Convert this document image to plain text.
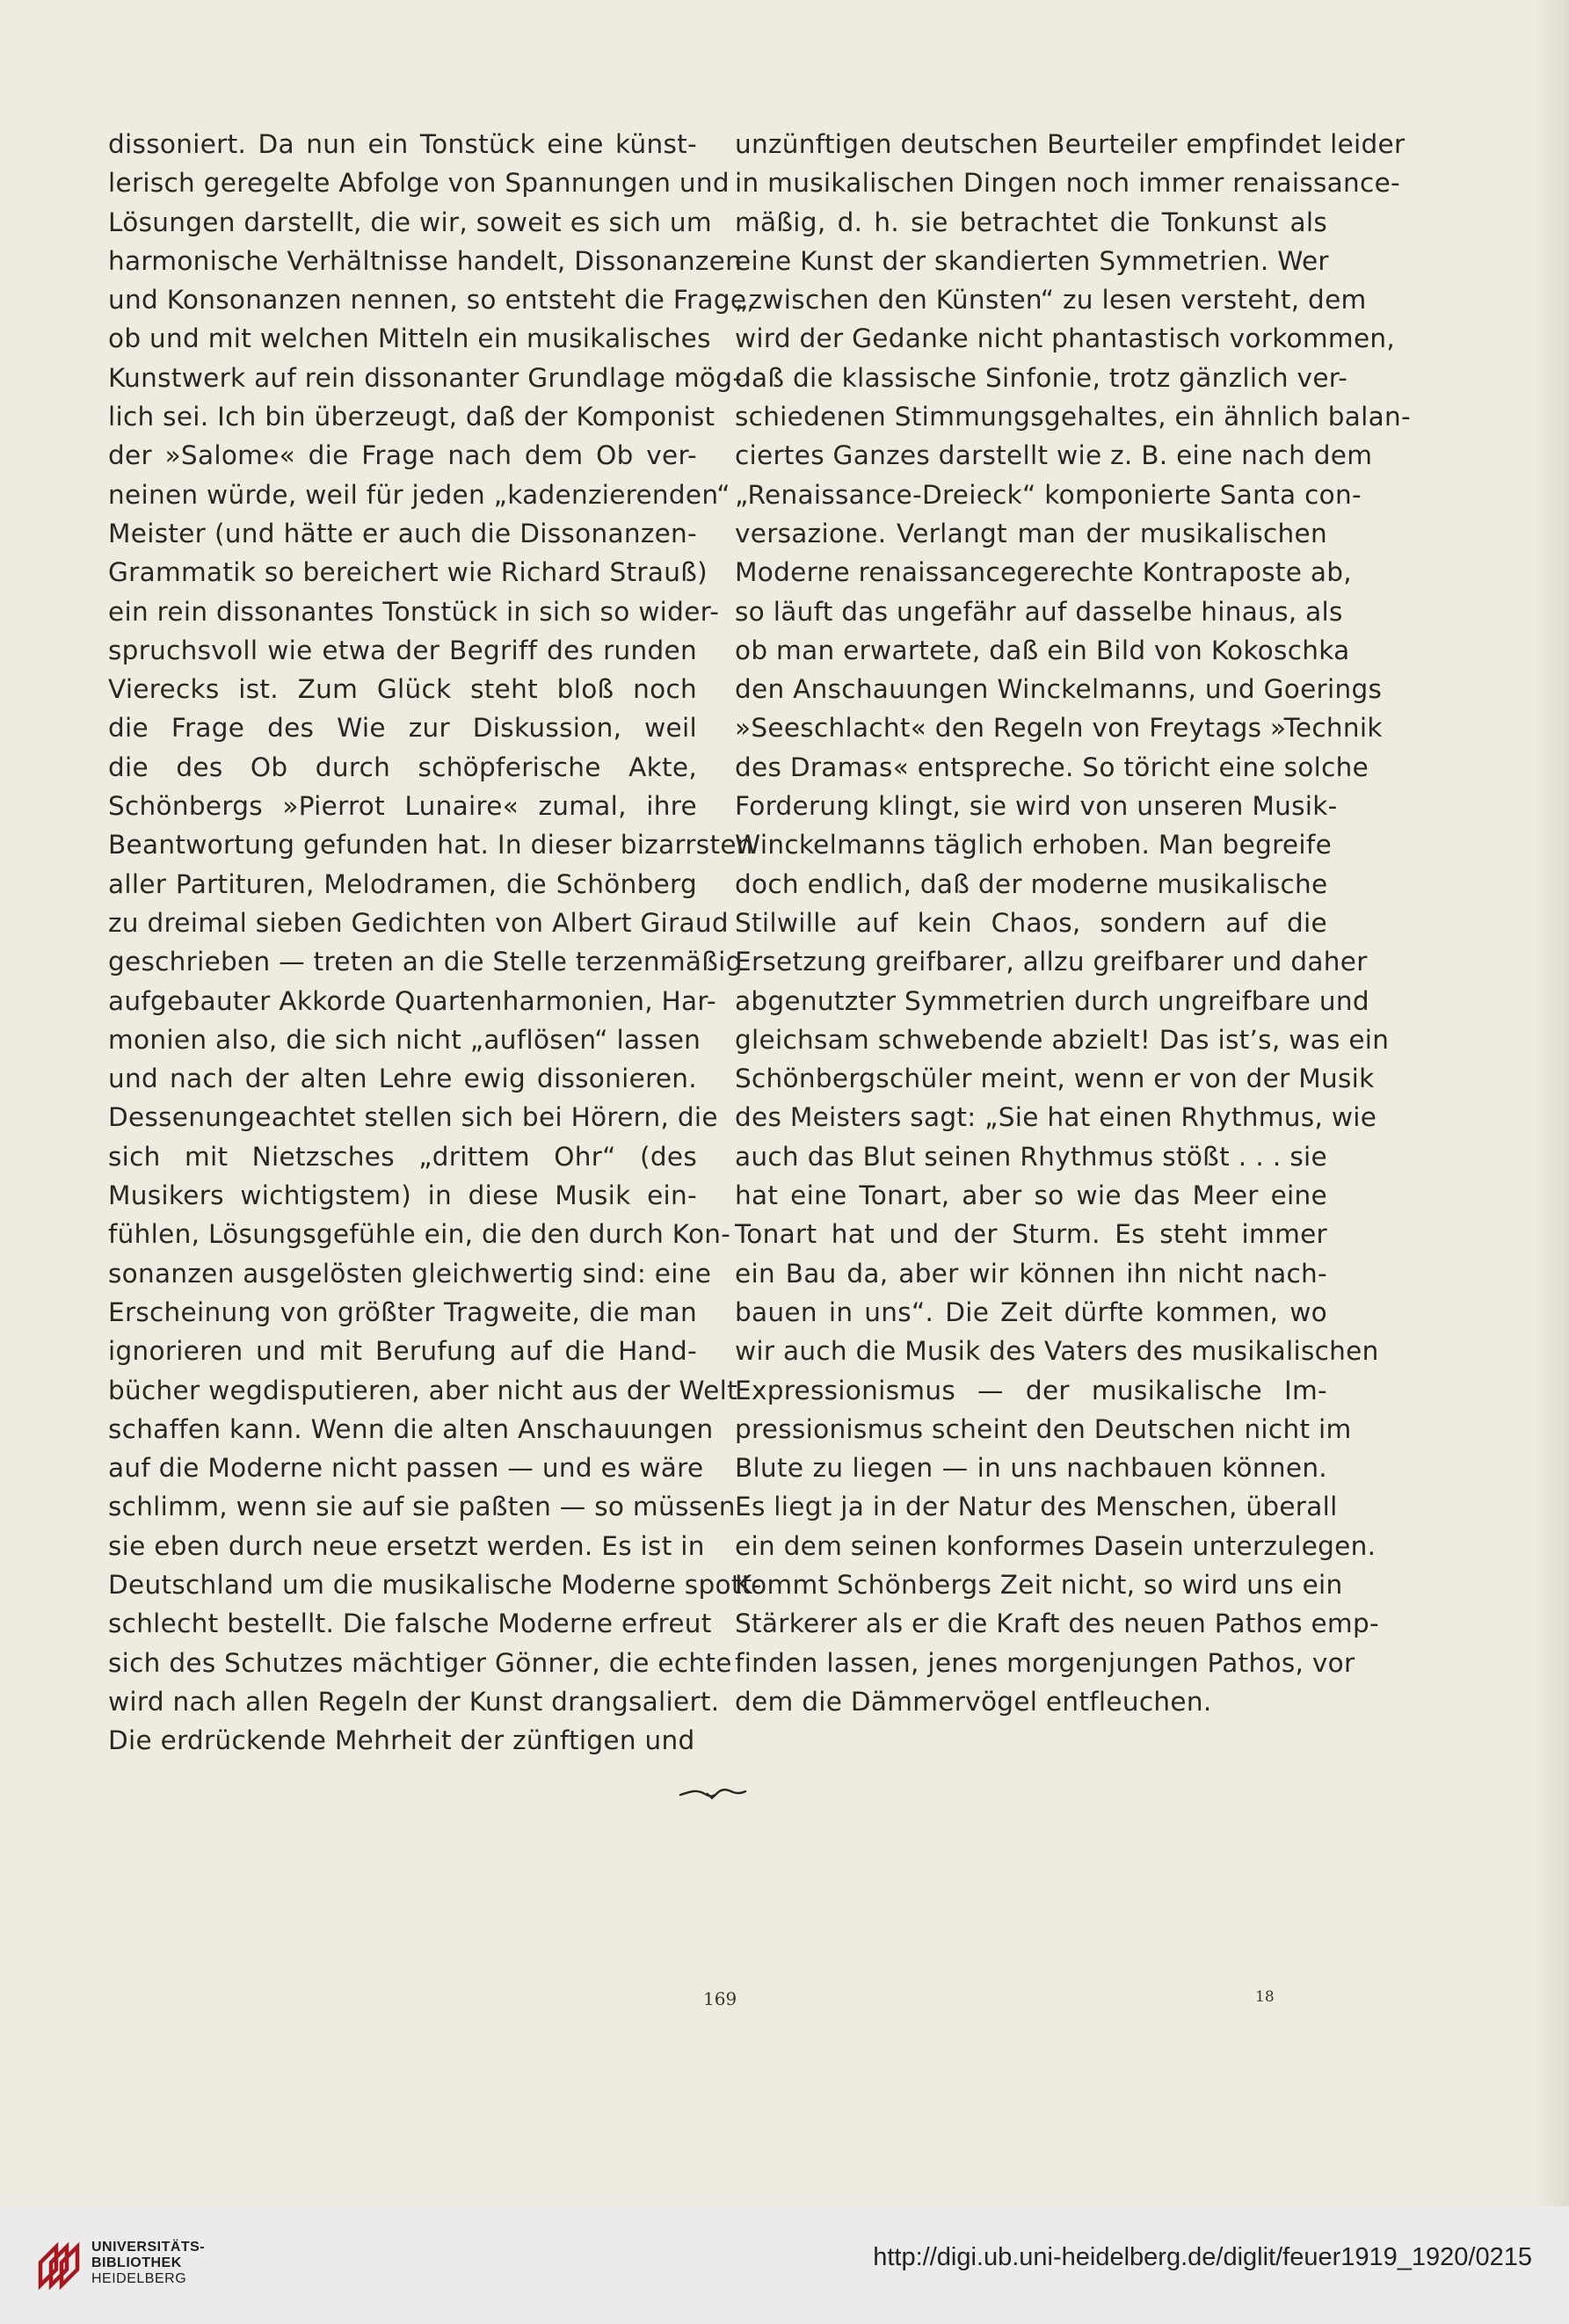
dissoniert. Da nun ein Tonstück eine künst-
lerisch geregelte Abfolge von Spannungen und
Lösungen darstellt, die wir, soweit es sich um
harmonische Verhältnisse handelt, Dissonanzen
und Konsonanzen nennen, so entsteht die Frage,
ob und mit welchen Mitteln ein musikalisches
Kunstwerk auf rein dissonanter Grundlage mög-
lich sei. Ich bin überzeugt, daß der Komponist
der »Salome« die Frage nach dem Ob ver-
neinen würde, weil für jeden „kadenzierenden“
Meister (und hätte er auch die Dissonanzen-
Grammatik so bereichert wie Richard Strauß)
ein rein dissonantes Tonstück in sich so wider-
spruchsvoll wie etwa der Begriff des runden
Vierecks ist. Zum Glück steht bloß noch
die Frage des Wie zur Diskussion, weil
die des Ob durch schöpferische Akte,
Schönbergs »Pierrot Lunaire« zumal, ihre
Beantwortung gefunden hat. In dieser bizarrsten
aller Partituren, Melodramen, die Schönberg
zu dreimal sieben Gedichten von Albert Giraud
geschrieben — treten an die Stelle terzenmäßig
aufgebauter Akkorde Quartenharmonien, Har-
monien also, die sich nicht „auflösen“ lassen
und nach der alten Lehre ewig dissonieren.
Dessenungeachtet stellen sich bei Hörern, die
sich mit Nietzsches „drittem Ohr“ (des
Musikers wichtigstem) in diese Musik ein-
fühlen, Lösungsgefühle ein, die den durch Kon-
sonanzen ausgelösten gleichwertig sind: eine
Erscheinung von größter Tragweite, die man
ignorieren und mit Berufung auf die Hand-
bücher wegdisputieren, aber nicht aus der Welt
schaffen kann. Wenn die alten Anschauungen
auf die Moderne nicht passen — und es wäre
schlimm, wenn sie auf sie paßten — so müssen
sie eben durch neue ersetzt werden. Es ist in
Deutschland um die musikalische Moderne spott-
schlecht bestellt. Die falsche Moderne erfreut
sich des Schutzes mächtiger Gönner, die echte
wird nach allen Regeln der Kunst drangsaliert.
Die erdrückende Mehrheit der zünftigen und
unzünftigen deutschen Beurteiler empfindet leider
in musikalischen Dingen noch immer renaissance-
mäßig, d. h. sie betrachtet die Tonkunst als
eine Kunst der skandierten Symmetrien. Wer
„zwischen den Künsten“ zu lesen versteht, dem
wird der Gedanke nicht phantastisch vorkommen,
daß die klassische Sinfonie, trotz gänzlich ver-
schiedenen Stimmungsgehaltes, ein ähnlich balan-
ciertes Ganzes darstellt wie z. B. eine nach dem
„Renaissance-Dreieck“ komponierte Santa con-
versazione. Verlangt man der musikalischen
Moderne renaissancegerechte Kontraposte ab,
so läuft das ungefähr auf dasselbe hinaus, als
ob man erwartete, daß ein Bild von Kokoschka
den Anschauungen Winckelmanns, und Goerings
»Seeschlacht« den Regeln von Freytags »Technik
des Dramas« entspreche. So töricht eine solche
Forderung klingt, sie wird von unseren Musik-
Winckelmanns täglich erhoben. Man begreife
doch endlich, daß der moderne musikalische
Stilwille auf kein Chaos, sondern auf die
Ersetzung greifbarer, allzu greifbarer und daher
abgenutzter Symmetrien durch ungreifbare und
gleichsam schwebende abzielt! Das ist’s, was ein
Schönbergschüler meint, wenn er von der Musik
des Meisters sagt: „Sie hat einen Rhythmus, wie
auch das Blut seinen Rhythmus stößt . . . sie
hat eine Tonart, aber so wie das Meer eine
Tonart hat und der Sturm. Es steht immer
ein Bau da, aber wir können ihn nicht nach-
bauen in uns“. Die Zeit dürfte kommen, wo
wir auch die Musik des Vaters des musikalischen
Expressionismus — der musikalische Im-
pressionismus scheint den Deutschen nicht im
Blute zu liegen — in uns nachbauen können.
Es liegt ja in der Natur des Menschen, überall
ein dem seinen konformes Dasein unterzulegen.
Kommt Schönbergs Zeit nicht, so wird uns ein
Stärkerer als er die Kraft des neuen Pathos emp-
finden lassen, jenes morgenjungen Pathos, vor
dem die Dämmervögel entfleuchen.
169	18
UNIVERSITÄTS-
BIBLIOTHEK
HEIDELBERG
http://digi.ub.uni-heidelberg.de/diglit/feuer1919_1920/0215
